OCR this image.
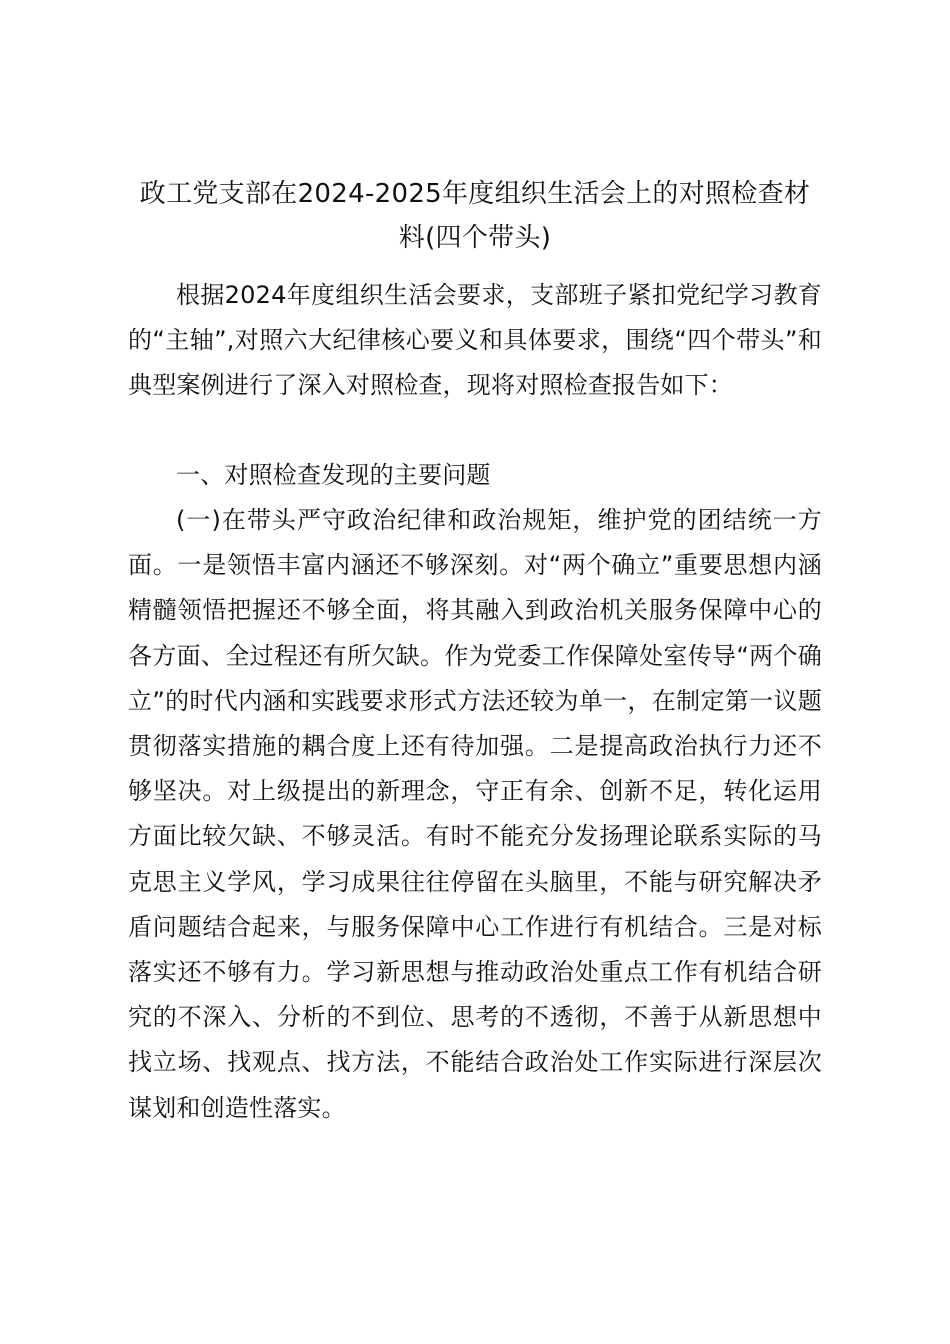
政工党支部在2024-2025年度组织生活会上的对照检查材料(四个带头)

根据2024年度组织生活会要求，支部班子紧扣党纪学习教育的“主轴”,对照六大纪律核心要义和具体要求，围绕“四个带头”和典型案例进行了深入对照检查，现将对照检查报告如下：

一、对照检查发现的主要问题

(一)在带头严守政治纪律和政治规矩，维护党的团结统一方面。一是领悟丰富内涵还不够深刻。对“两个确立”重要思想内涵精髓领悟把握还不够全面，将其融入到政治机关服务保障中心的各方面、全过程还有所欠缺。作为党委工作保障处室传导“两个确立”的时代内涵和实践要求形式方法还较为单一，在制定第一议题贯彻落实措施的耦合度上还有待加强。二是提高政治执行力还不够坚决。对上级提出的新理念，守正有余、创新不足，转化运用方面比较欠缺、不够灵活。有时不能充分发扬理论联系实际的马克思主义学风，学习成果往往停留在头脑里，不能与研究解决矛盾问题结合起来，与服务保障中心工作进行有机结合。三是对标落实还不够有力。学习新思想与推动政治处重点工作有机结合研究的不深入、分析的不到位、思考的不透彻，不善于从新思想中找立场、找观点、找方法，不能结合政治处工作实际进行深层次谋划和创造性落实。
